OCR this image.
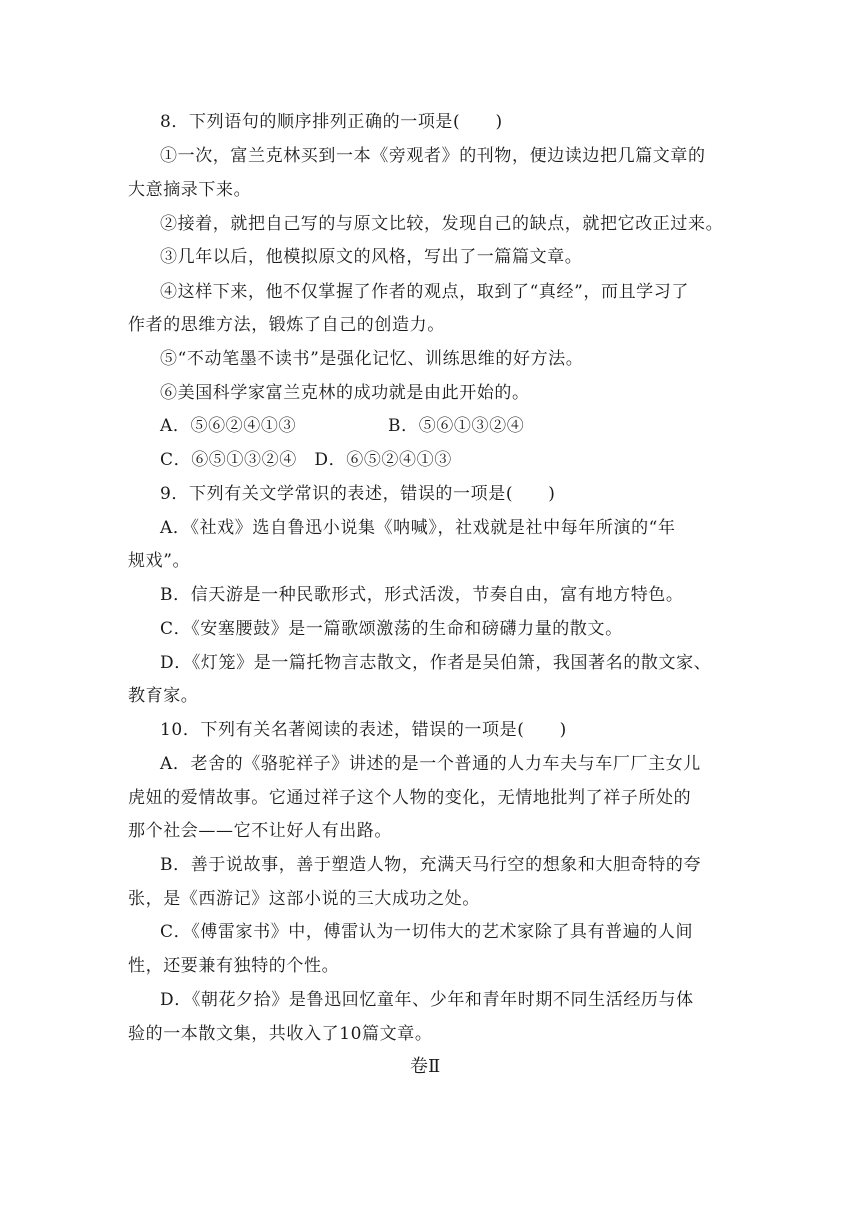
8．下列语句的顺序排列正确的一项是(　　)
①一次，富兰克林买到一本《旁观者》的刊物，便边读边把几篇文章的
大意摘录下来。
②接着，就把自己写的与原文比较，发现自己的缺点，就把它改正过来。
③几年以后，他模拟原文的风格，写出了一篇篇文章。
④这样下来，他不仅掌握了作者的观点，取到了“真经”，而且学习了
作者的思维方法，锻炼了自己的创造力。
⑤“不动笔墨不读书”是强化记忆、训练思维的好方法。
⑥美国科学家富兰克林的成功就是由此开始的。
A．⑤⑥②④①③	B．⑤⑥①③②④
C．⑥⑤①③②④　D．⑥⑤②④①③
9．下列有关文学常识的表述，错误的一项是(　　)
A．《社戏》选自鲁迅小说集《呐喊》，社戏就是社中每年所演的“年
规戏”。
B．信天游是一种民歌形式，形式活泼，节奏自由，富有地方特色。
C．《安塞腰鼓》是一篇歌颂激荡的生命和磅礴力量的散文。
D．《灯笼》是一篇托物言志散文，作者是吴伯箫，我国著名的散文家、
教育家。
10．下列有关名著阅读的表述，错误的一项是(　　)
A．老舍的《骆驼祥子》讲述的是一个普通的人力车夫与车厂厂主女儿
虎妞的爱情故事。它通过祥子这个人物的变化，无情地批判了祥子所处的
那个社会——它不让好人有出路。
B．善于说故事，善于塑造人物，充满天马行空的想象和大胆奇特的夸
张，是《西游记》这部小说的三大成功之处。
C．《傅雷家书》中，傅雷认为一切伟大的艺术家除了具有普遍的人间
性，还要兼有独特的个性。
D．《朝花夕拾》是鲁迅回忆童年、少年和青年时期不同生活经历与体
验的一本散文集，共收入了10篇文章。
卷Ⅱ
